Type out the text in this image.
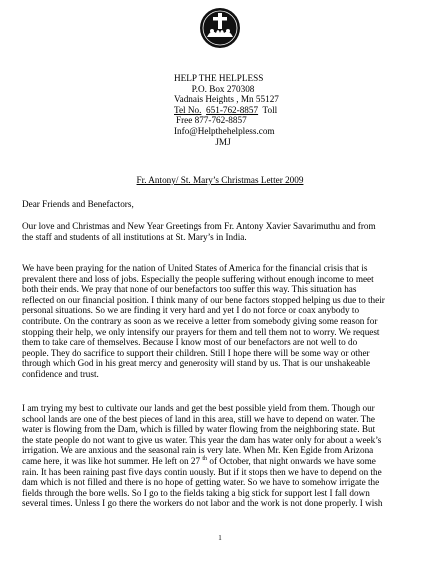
HELP THE HELPLESS
P.O. Box 270308
Vadnais Heights , Mn 55127
Tel No. 651-762-8857 Toll
Free 877-762-8857
Info@Helpthehelpless.com
JMJ
Fr. Antony/ St. Mary’s Christmas Letter 2009
Dear Friends and Benefactors,
Our love and Christmas and New Year Greetings from Fr. Antony Xavier Savarimuthu and from
the staff and students of all institutions at St. Mary’s in India.
We have been praying for the nation of United States of America for the financial crisis that is
prevalent there and loss of jobs. Especially the people suffering without enough income to meet
both their ends. We pray that none of our benefactors too suffer this way. This situation has
reflected on our financial position. I think many of our bene factors stopped helping us due to their
personal situations. So we are finding it very hard and yet I do not force or coax anybody to
contribute. On the contrary as soon as we receive a letter from somebody giving some reason for
stopping their help, we only intensify our prayers for them and tell them not to worry. We request
them to take care of themselves. Because I know most of our benefactors are not well to do
people. They do sacrifice to support their children. Still I hope there will be some way or other
through which God in his great mercy and generosity will stand by us. That is our unshakeable
confidence and trust.
I am trying my best to cultivate our lands and get the best possible yield from them. Though our
school lands are one of the best pieces of land in this area, still we have to depend on water. The
water is flowing from the Dam, which is filled by water flowing from the neighboring state. But
the state people do not want to give us water. This year the dam has water only for about a week’s
irrigation. We are anxious and the seasonal rain is very late. When Mr. Ken Egide from Arizona
came here, it was like hot summer. He left on 27 $^{th}$ of October, that night onwards we have some
rain. It has been raining past five days contin uously. But if it stops then we have to depend on the
dam which is not filled and there is no hope of getting water. So we have to somehow irrigate the
fields through the bore wells. So I go to the fields taking a big stick for support lest I fall down
several times. Unless I go there the workers do not labor and the work is not done properly. I wish
1
